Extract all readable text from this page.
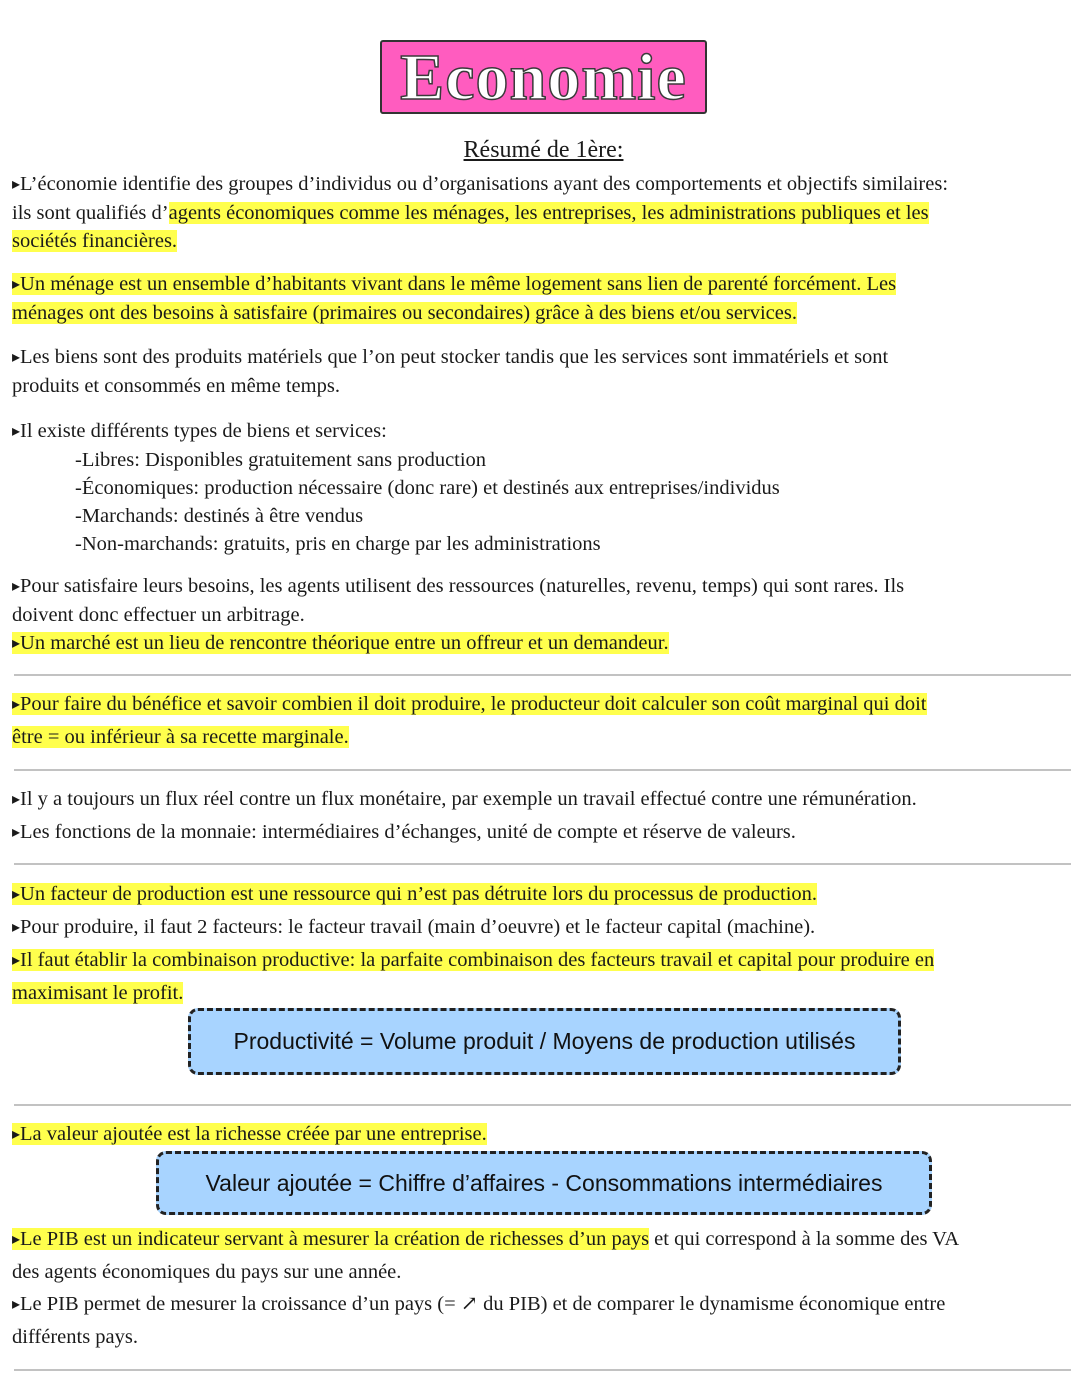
Economie
Résumé de 1ère:
▸L’économie identifie des groupes d’individus ou d’organisations ayant des comportements et objectifs similaires:
ils sont qualifiés d’agents économiques comme les ménages, les entreprises, les administrations publiques et les
sociétés financières.
▸Un ménage est un ensemble d’habitants vivant dans le même logement sans lien de parenté forcément. Les
ménages ont des besoins à satisfaire (primaires ou secondaires) grâce à des biens et/ou services.
▸Les biens sont des produits matériels que l’on peut stocker tandis que les services sont immatériels et sont
produits et consommés en même temps.
▸Il existe différents types de biens et services:
-Libres: Disponibles gratuitement sans production
-Économiques: production nécessaire (donc rare) et destinés aux entreprises/individus
-Marchands: destinés à être vendus
-Non-marchands: gratuits, pris en charge par les administrations
▸Pour satisfaire leurs besoins, les agents utilisent des ressources (naturelles, revenu, temps) qui sont rares. Ils
doivent donc effectuer un arbitrage.
▸Un marché est un lieu de rencontre théorique entre un offreur et un demandeur.
▸Pour faire du bénéfice et savoir combien il doit produire, le producteur doit calculer son coût marginal qui doit
être = ou inférieur à sa recette marginale.
▸Il y a toujours un flux réel contre un flux monétaire, par exemple un travail effectué contre une rémunération.
▸Les fonctions de la monnaie: intermédiaires d’échanges, unité de compte et réserve de valeurs.
▸Un facteur de production est une ressource qui n’est pas détruite lors du processus de production.
▸Pour produire, il faut 2 facteurs: le facteur travail (main d’oeuvre) et le facteur capital (machine).
▸Il faut établir la combinaison productive: la parfaite combinaison des facteurs travail et capital pour produire en
maximisant le profit.
Productivité = Volume produit / Moyens de production utilisés
▸La valeur ajoutée est la richesse créée par une entreprise.
Valeur ajoutée = Chiffre d’affaires - Consommations intermédiaires
▸Le PIB est un indicateur servant à mesurer la création de richesses d’un pays et qui correspond à la somme des VA
des agents économiques du pays sur une année.
▸Le PIB permet de mesurer la croissance d’un pays (= ↗ du PIB) et de comparer le dynamisme économique entre
différents pays.
